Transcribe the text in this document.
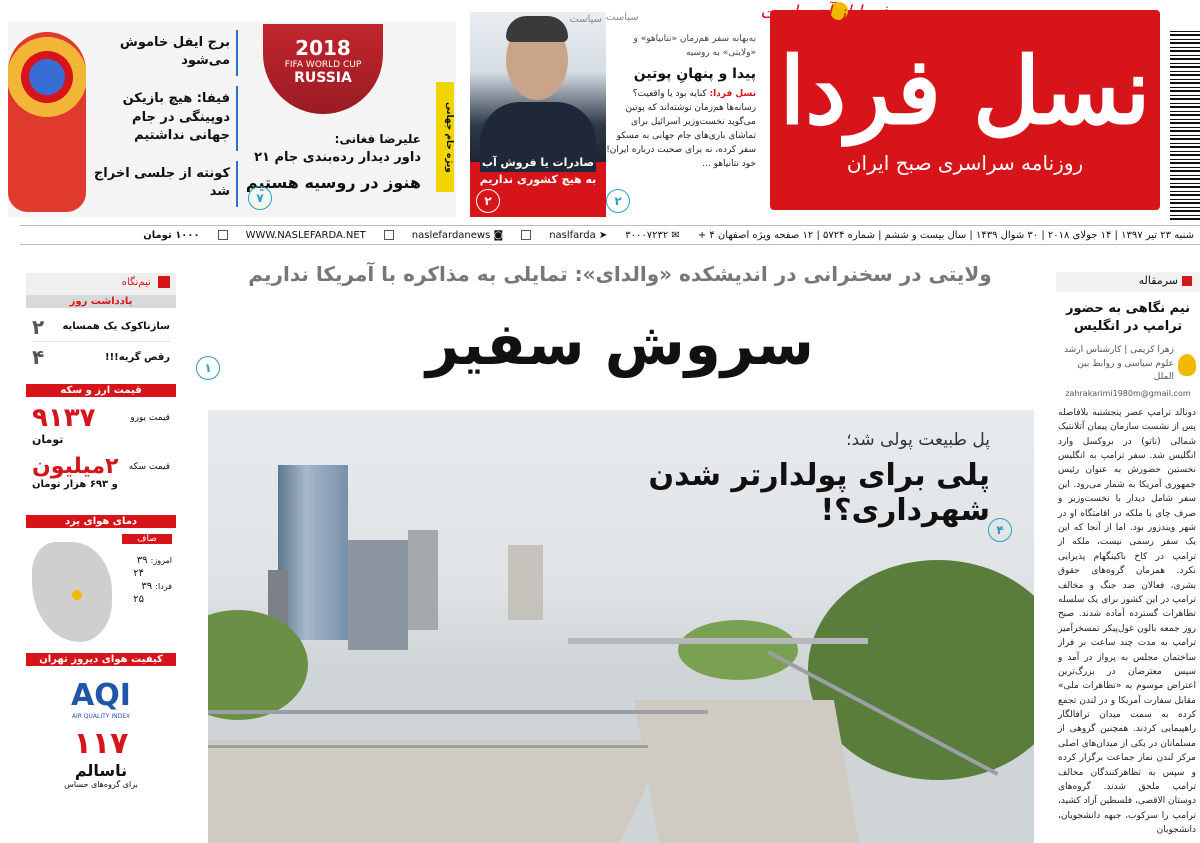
نسل فردا
روزنامه سراسری صبح ایران
فردا از آن ماست
سیاست
به‌بهانه سفر هم‌زمان «نتانیاهو» و «ولایتی» به روسیه
پیدا و پنهانِ پوتین
نسل فردا: کنایه بود یا واقعیت؟ رسانه‌ها هم‌زمان نوشته‌اند که پوتین می‌گوید نخست‌وزیر اسرائیل برای تماشای بازی‌های جام جهانی به مسکو سفر کرده، نه برای صحبت درباره ایران! خود نتانیاهو ...
۲
سیاست
صادرات یا فروش آب به هیچ کشوری نداریم
۲
برج ایفل خاموش می‌شود
فیفا: هیچ بازیکن دوپینگی در جام جهانی نداشتیم
کونته از جلسی اخراج شد
2018
FIFA WORLD CUP
RUSSIA
ویژه جام جهانی
علیرضا فغانی:
داور دیدار رده‌بندی جام ۲۱
هنوز در روسیه هستیم
۷
شنبه ۲۳ تیر ۱۳۹۷ | ۱۴ جولای ۲۰۱۸ | ۳۰ شوال ۱۴۳۹ | سال بیست و ششم | شماره ۵۷۲۴ | ۱۲ صفحه ویژه اصفهان ۴ +
✉ ۳۰۰۰۷۲۳۲
➤ naslfarda
◙ naslefardanews
WWW.NASLEFARDA.NET
۱۰۰۰ تومان
نیم‌نگاه
یادداشت روز
سازناکوک یک همسایه
۲
رقص گریه!!!
۴
قیمت ارز و سکه
قیمت یورو
۹۱۳۷
تومان
قیمت سکه
۲میلیون
و ۶۹۳ هزار تومان
دمای هوای یزد
صاف
امروز: ۳۹
۲۴
فردا: ۳۹
۲۵
کیفیت هوای دیروز تهران
AQI
AIR QUALITY INDEX
۱۱۷
ناسالم
برای گروه‌های حساس
سرمقاله
نیم نگاهی به حضور ترامپ در انگلیس
زهرا کریمی | کارشناس ارشد علوم سیاسی و روابط بین الملل
zahrakarimi1980m@gmail.com
دونالد ترامپ عصر پنجشنبه بلافاصله پس از نشست سازمان پیمان آتلانتیک شمالی (ناتو) در بروکسل وارد انگلیس شد. سفر ترامپ به انگلیس نخستین حضورش به عنوان رئیس جمهوری آمریکا به شمار می‌رود. این سفر شامل دیدار با نخست‌وزیر و صرف چای با ملکه در اقامتگاه او در شهر ویندزور بود. اما از آنجا که این یک سفر رسمی نیست، ملکه از ترامپ در کاخ باکینگهام پذیرایی نکرد. همزمان گروه‌های حقوق بشری، فعالان ضد جنگ و مخالف ترامپ در این کشور برای یک سلسله تظاهرات گسترده آماده شدند. صبح روز جمعه بالون غول‌پیکر تمسخرآمیز ترامپ به مدت چند ساعت بر فراز ساختمان مجلس به پرواز در آمد و سپس معترضان در بزرگ‌ترین اعتراض موسوم به «تظاهرات ملی» مقابل سفارت آمریکا و در لندن تجمع کرده به سمت میدان ترافالگار راهپیمایی کردند. همچنین گروهی از مسلمانان در یکی از میدان‌های اصلی مرکز لندن نماز جماعت برگزار کرده و سپس به تظاهرکنندگان مخالف ترامپ ملحق شدند. گروه‌های دوستان الاقصی، فلسطین آزاد کشید، ترامپ را سرکوب، جبهه دانشجویان، دانشجویان
ولایتی در سخنرانی در اندیشکده «والدای»: تمایلی به مذاکره با آمریکا نداریم
سروش سفیر
۱
پل طبیعت پولی شد؛
پلی برای پولدارتر شدن شهرداری؟!
۴
